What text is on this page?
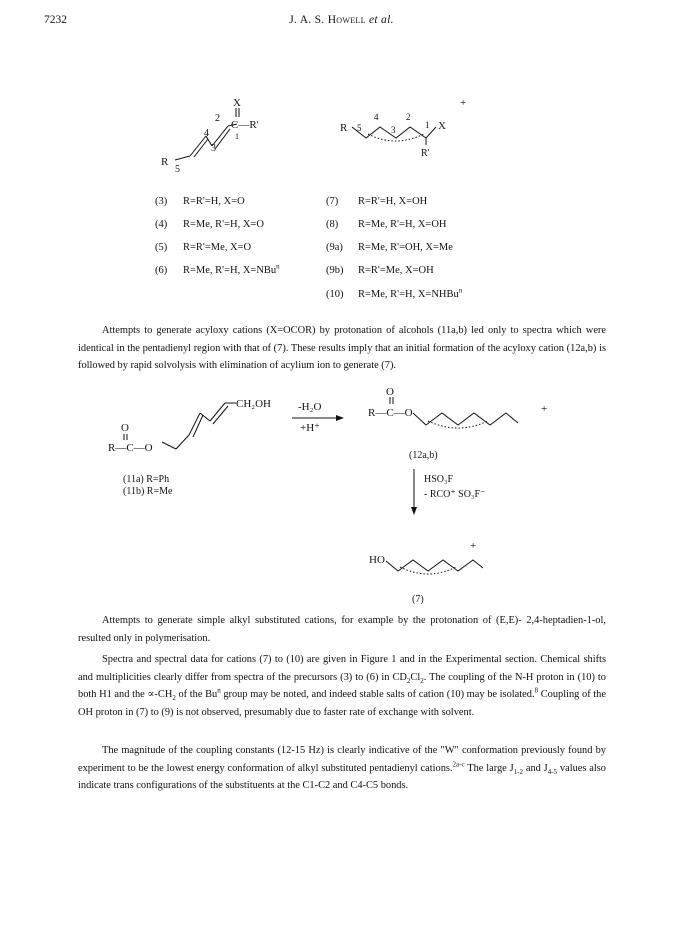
7232	J. A. S. Howell et al.
X
2
C—R'
1
4
3
R
5
R 5
4
3
2
1 X
R'
+
(3) R=R'=H, X=O
(4) R=Me, R'=H, X=O
(5) R=R'=Me, X=O
(6) R=Me, R'=H, X=NBu$^n$
(7) R=R'=H, X=OH
(8) R=Me, R'=H, X=OH
(9a) R=Me, R'=OH, X=Me
(9b) R=R'=Me, X=OH
(10) R=Me, R'=H, X=NHBu$^n$
Attempts to generate acyloxy cations (X=OCOR) by protonation of alcohols (11a,b) led only to spectra which were identical in the pentadienyl region with that of (7). These results imply that an initial formation of the acyloxy cation (12a,b) is followed by rapid solvolysis with elimination of acylium ion to generate (7).
CH₂OH
O
R—C—O
(11a) R=Ph
(11b) R=Me
-H₂O
+H⁺
O
R—C—O	+
(12a,b)
HSO₃F
- RCO⁺ SO₃F⁻
HO
+
(7)
Attempts to generate simple alkyl substituted cations, for example by the protonation of (E,E)- 2,4-heptadien-1-ol, resulted only in polymerisation.
Spectra and spectral data for cations (7) to (10) are given in Figure 1 and in the Experimental section. Chemical shifts and multiplicities clearly differ from spectra of the precursors (3) to (6) in $CD_2Cl_2$. The coupling of the N-H proton in (10) to both H1 and the $\propto-CH_2$ of the Bu$^n$ group may be noted, and indeed stable salts of cation (10) may be isolated.$^8$ Coupling of the OH proton in (7) to (9) is not observed, presumably due to faster rate of exchange with solvent.
The magnitude of the coupling constants (12-15 Hz) is clearly indicative of the "W" conformation previously found by experiment to be the lowest energy conformation of alkyl substituted pentadienyl cations.$^{2a-c}$ The large $J_{1-2}$ and $J_{4-5}$ values also indicate trans configurations of the substituents at the C1-C2 and C4-C5 bonds.
